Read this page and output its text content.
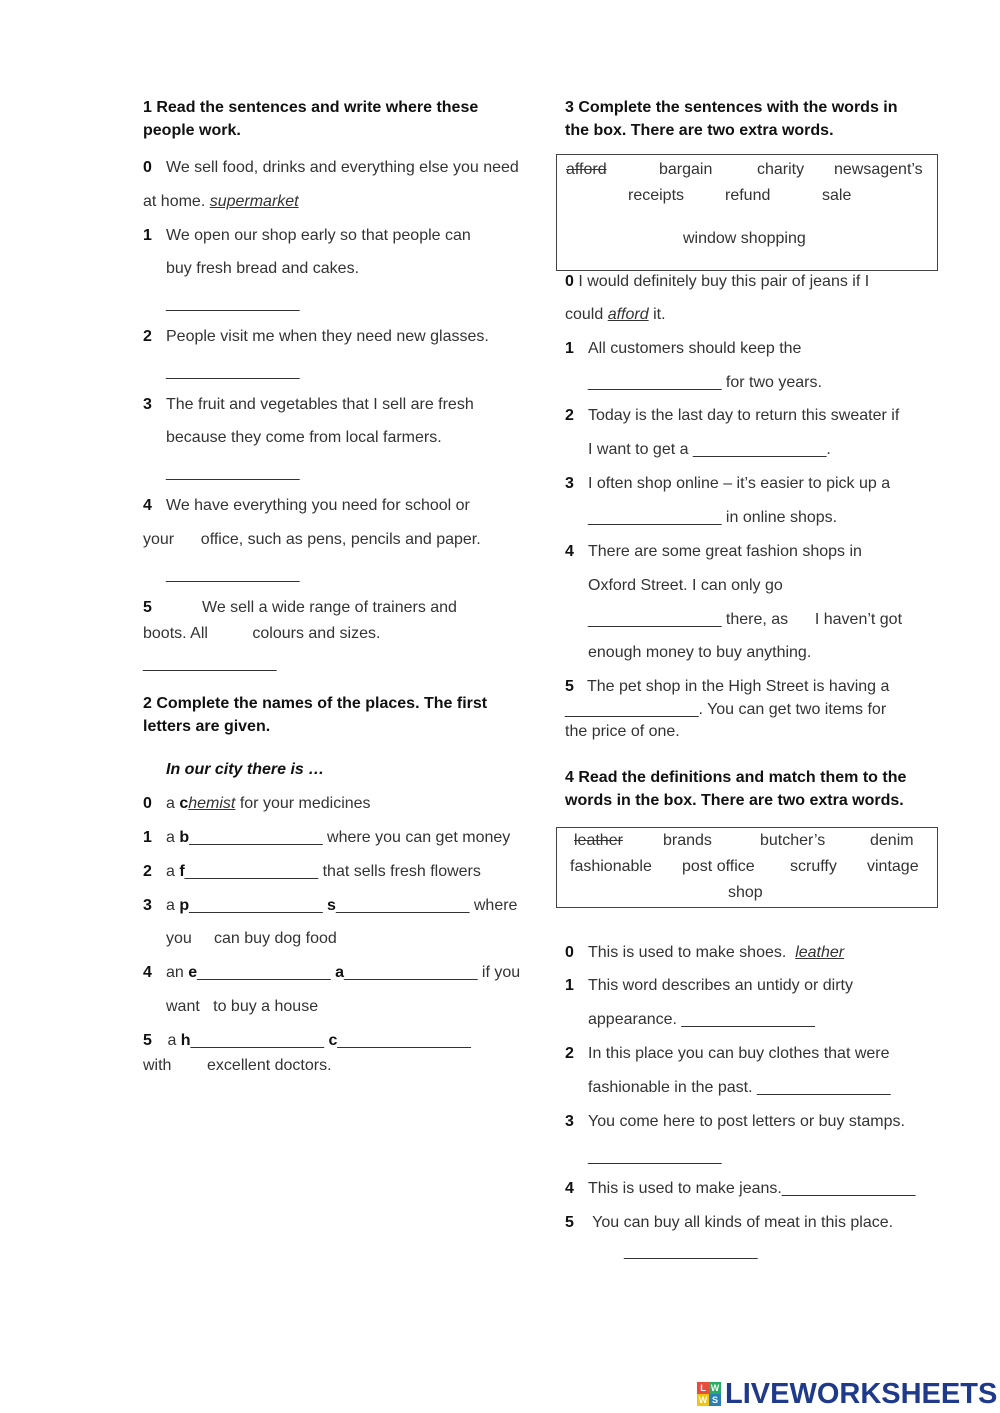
1 Read the sentences and write where these
people work.
0 We sell food, drinks and everything else you need
at home. supermarket
1 We open our shop early so that people can
buy fresh bread and cakes.
_______________
2 People visit me when they need new glasses.
_______________
3 The fruit and vegetables that I sell are fresh
because they come from local farmers.
_______________
4 We have everything you need for school or
your      office, such as pens, pencils and paper.
_______________
5	We sell a wide range of trainers and
boots. All          colours and sizes.
_______________
2 Complete the names of the places. The first
letters are given.
In our city there is …
0 a chemist for your medicines
1 a b_______________ where you can get money
2 a f_______________ that sells fresh flowers
3 a p_______________ s_______________ where
you     can buy dog food
4 an e_______________ a_______________ if you
want   to buy a house
5 a h_______________ c_______________
with        excellent doctors.
3 Complete the sentences with the words in
the box. There are two extra words.
afford	bargain	charity newsagent’s
receipts	refund	sale
window shopping
0 I would definitely buy this pair of jeans if I
could afford it.
1 All customers should keep the
_______________ for two years.
2 Today is the last day to return this sweater if
I want to get a _______________.
3 I often shop online – it’s easier to pick up a
_______________ in online shops.
4 There are some great fashion shops in
Oxford Street. I can only go
_______________ there, as      I haven’t got
enough money to buy anything.
5 The pet shop in the High Street is having a
_______________. You can get two items for
the price of one.
4 Read the definitions and match them to the
words in the box. There are two extra words.
leather	brands	butcher’s	denim
fashionable post office scruffy vintage
shop
0 This is used to make shoes.  leather
1 This word describes an untidy or dirty
appearance. _______________
2 In this place you can buy clothes that were
fashionable in the past. _______________
3 You come here to post letters or buy stamps.
_______________
4 This is used to make jeans._______________
5 You can buy all kinds of meat in this place.
_______________
L W
W S LIVEWORKSHEETS
